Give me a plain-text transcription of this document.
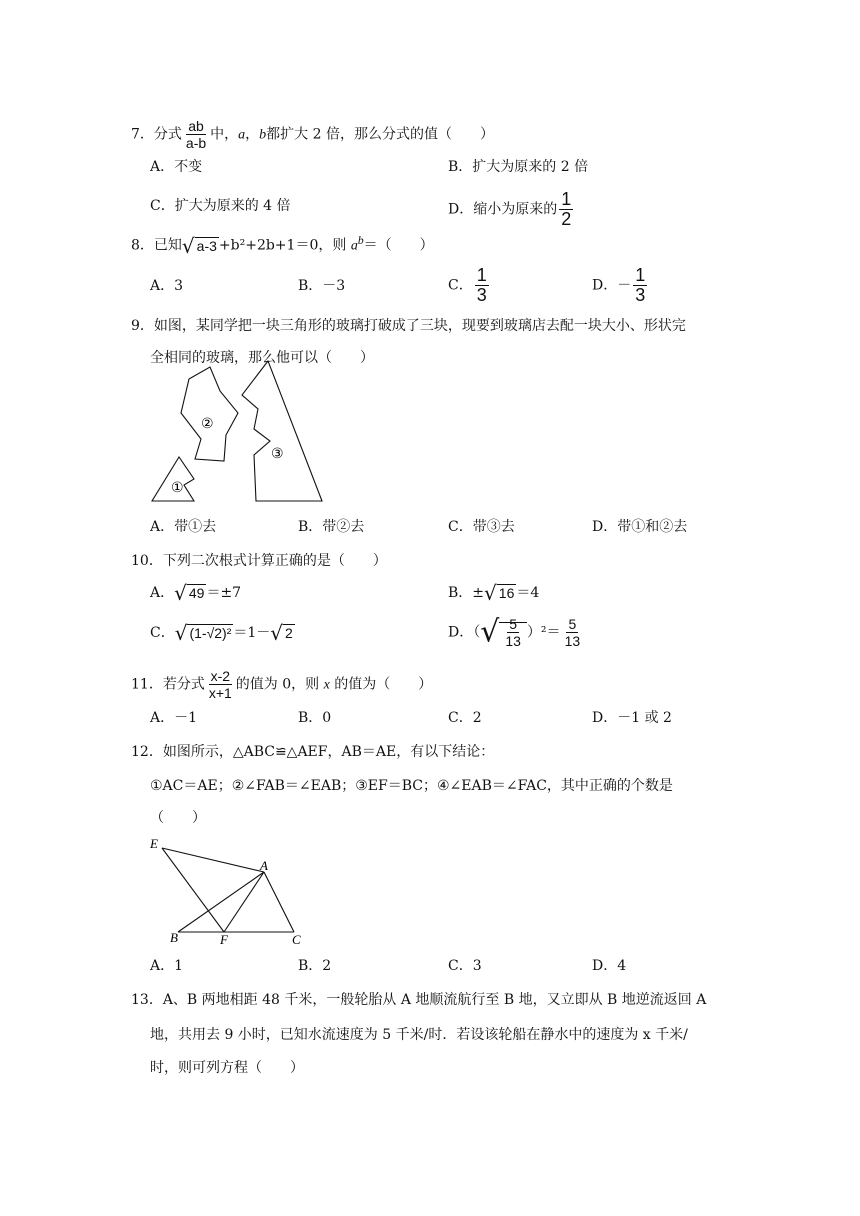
7．分式 $\frac{ab}{a-b}$ 中，a，b都扩大 2 倍，那么分式的值（　　）
A．不变	B．扩大为原来的 2 倍
C．扩大为原来的 4 倍	D．缩小为原来的 $\frac{1}{2}$
8．已知√ a-3 +b²+2b+1＝0，则 $a^b=$（　　）
A．3	B．－3	C． $\frac{1}{3}$	D．－ $\frac{1}{3}$
9．如图，某同学把一块三角形的玻璃打破成了三块，现要到玻璃店去配一块大小、形状完
全相同的玻璃，那么他可以（　　）
①
②
③
A．带①去	B．带②去	C．带③去	D．带①和②去
10．下列二次根式计算正确的是（　　）
A．√ 49 ＝±7	B．±√ 16 ＝4
C．√ (1-√2)² ＝1－√ 2	D．（√ $\frac{5}{13} )^2= \frac{5}{13}$
11．若分式 $\frac{x-2}{x+1}$ 的值为 0，则 x 的值为（　　）
A．－1	B．0	C．2	D．－1 或 2
12．如图所示，△ABC≌△AEF，AB＝AE，有以下结论：
①AC＝AE；②∠FAB＝∠EAB；③EF＝BC；④∠EAB＝∠FAC，其中正确的个数是
（　　）
E
A
B	F	C
A．1	B．2	C．3	D．4
13．A、B 两地相距 48 千米，一般轮胎从 A 地顺流航行至 B 地，又立即从 B 地逆流返回 A
地，共用去 9 小时，已知水流速度为 5 千米/时．若设该轮船在静水中的速度为 x 千米/
时，则可列方程（　　）
